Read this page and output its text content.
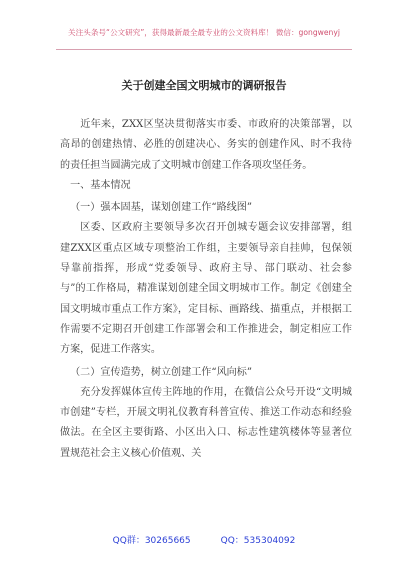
关注头条号“公文研究”，获得最新最全最专业的公文资料库！ 微信：gongwenyj
关于创建全国文明城市的调研报告

近年来，ZXX区坚决贯彻落实市委、市政府的决策部署，以高昂的创建热情、必胜的创建决心、务实的创建作风、时不我待的责任担当圆满完成了文明城市创建工作各项攻坚任务。

一、基本情况

（一）强本固基，谋划创建工作“路线图”

区委、区政府主要领导多次召开创城专题会议安排部署，组建ZXX区重点区域专项整治工作组，主要领导亲自挂帅，包保领导靠前指挥，形成“党委领导、政府主导、部门联动、社会参与”的工作格局，精准谋划创建全国文明城市工作。制定《创建全国文明城市重点工作方案》，定目标、画路线、描重点，并根据工作需要不定期召开创建工作部署会和工作推进会，制定相应工作方案，促进工作落实。

（二）宣传造势，树立创建工作“风向标”

充分发挥媒体宣传主阵地的作用，在微信公众号开设“文明城市创建”专栏，开展文明礼仪教育科普宣传、推送工作动态和经验做法。在全区主要街路、小区出入口、标志性建筑楼体等显著位置规范社会主义核心价值观、关

QQ群：30265665	QQ：535304092
